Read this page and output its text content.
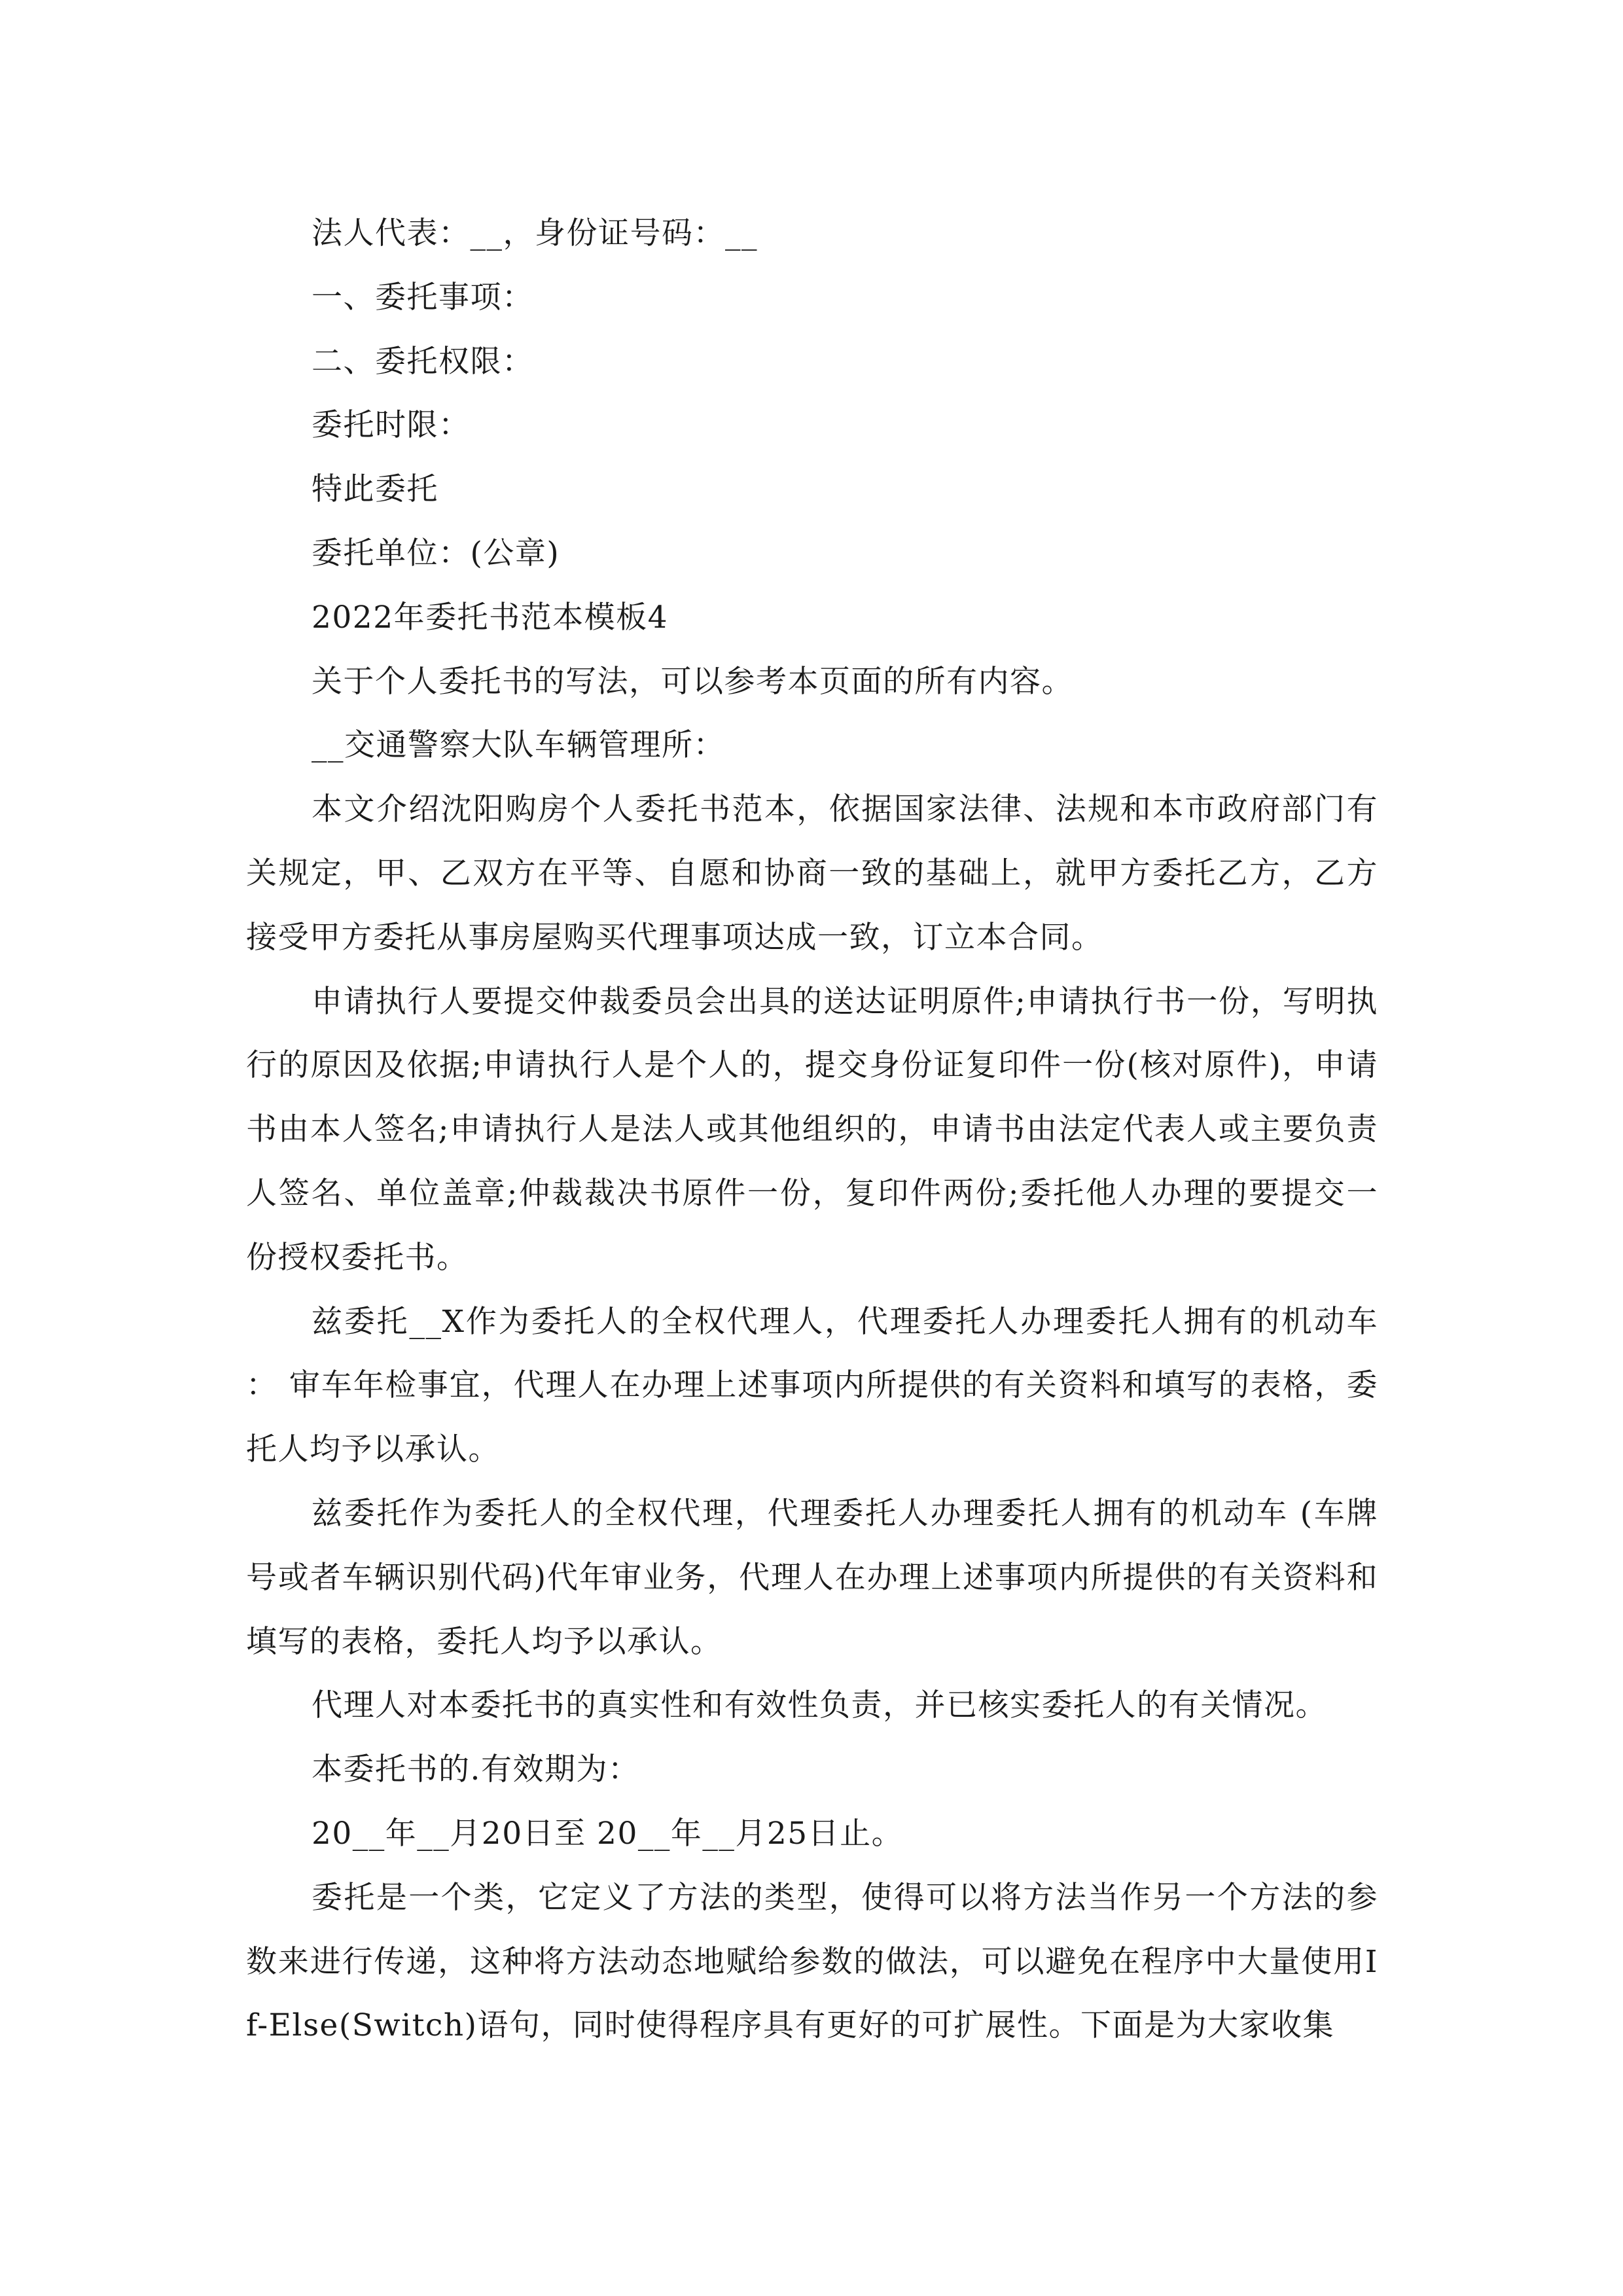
法人代表：__，身份证号码：__

一、委托事项：

二、委托权限：

委托时限：

特此委托

委托单位：(公章)

2022年委托书范本模板4

关于个人委托书的写法，可以参考本页面的所有内容。

__交通警察大队车辆管理所：

本文介绍沈阳购房个人委托书范本，依据国家法律、法规和本市政府部门有关规定，甲、乙双方在平等、自愿和协商一致的基础上，就甲方委托乙方，乙方接受甲方委托从事房屋购买代理事项达成一致，订立本合同。

申请执行人要提交仲裁委员会出具的送达证明原件;申请执行书一份，写明执行的原因及依据;申请执行人是个人的，提交身份证复印件一份(核对原件)，申请书由本人签名;申请执行人是法人或其他组织的，申请书由法定代表人或主要负责人签名、单位盖章;仲裁裁决书原件一份，复印件两份;委托他人办理的要提交一份授权委托书。

兹委托__X作为委托人的全权代理人，代理委托人办理委托人拥有的机动车 ： 审车年检事宜，代理人在办理上述事项内所提供的有关资料和填写的表格，委托人均予以承认。

兹委托作为委托人的全权代理，代理委托人办理委托人拥有的机动车 (车牌号或者车辆识别代码)代年审业务，代理人在办理上述事项内所提供的有关资料和填写的表格，委托人均予以承认。

代理人对本委托书的真实性和有效性负责，并已核实委托人的有关情况。

本委托书的.有效期为：

20__年__月20日至 20__年__月25日止。

委托是一个类，它定义了方法的类型，使得可以将方法当作另一个方法的参数来进行传递，这种将方法动态地赋给参数的做法，可以避免在程序中大量使用If-Else(Switch)语句，同时使得程序具有更好的可扩展性。下面是为大家收集
